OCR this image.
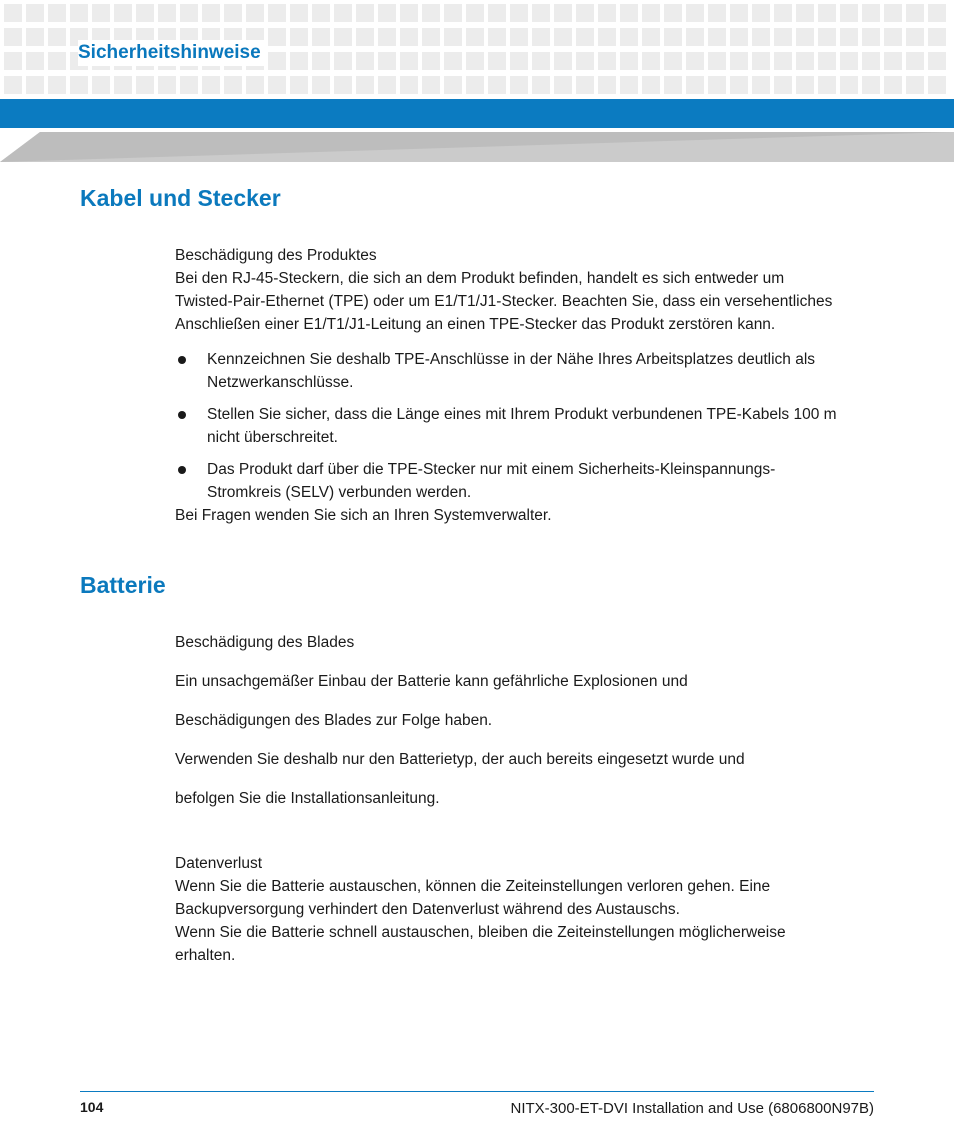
Sicherheitshinweise
Kabel und Stecker

Beschädigung des Produktes

Bei den RJ-45-Steckern, die sich an dem Produkt befinden, handelt es sich entweder um

Twisted-Pair-Ethernet (TPE) oder um E1/T1/J1-Stecker. Beachten Sie, dass ein versehentliches

Anschließen einer E1/T1/J1-Leitung an einen TPE-Stecker das Produkt zerstören kann.

Kennzeichnen Sie deshalb TPE-Anschlüsse in der Nähe Ihres Arbeitsplatzes deutlich als
Netzwerkanschlüsse.
Stellen Sie sicher, dass die Länge eines mit Ihrem Produkt verbundenen TPE-Kabels 100 m
nicht überschreitet.
Das Produkt darf über die TPE-Stecker nur mit einem Sicherheits-Kleinspannungs-
Stromkreis (SELV) verbunden werden.

Bei Fragen wenden Sie sich an Ihren Systemverwalter.

Batterie

Beschädigung des Blades

Ein unsachgemäßer Einbau der Batterie kann gefährliche Explosionen und

Beschädigungen des Blades zur Folge haben.

Verwenden Sie deshalb nur den Batterietyp, der auch bereits eingesetzt wurde und

befolgen Sie die Installationsanleitung.

Datenverlust

Wenn Sie die Batterie austauschen, können die Zeiteinstellungen verloren gehen. Eine

Backupversorgung verhindert den Datenverlust während des Austauschs.

Wenn Sie die Batterie schnell austauschen, bleiben die Zeiteinstellungen möglicherweise

erhalten.

104	NITX-300-ET-DVI Installation and Use (6806800N97B)
